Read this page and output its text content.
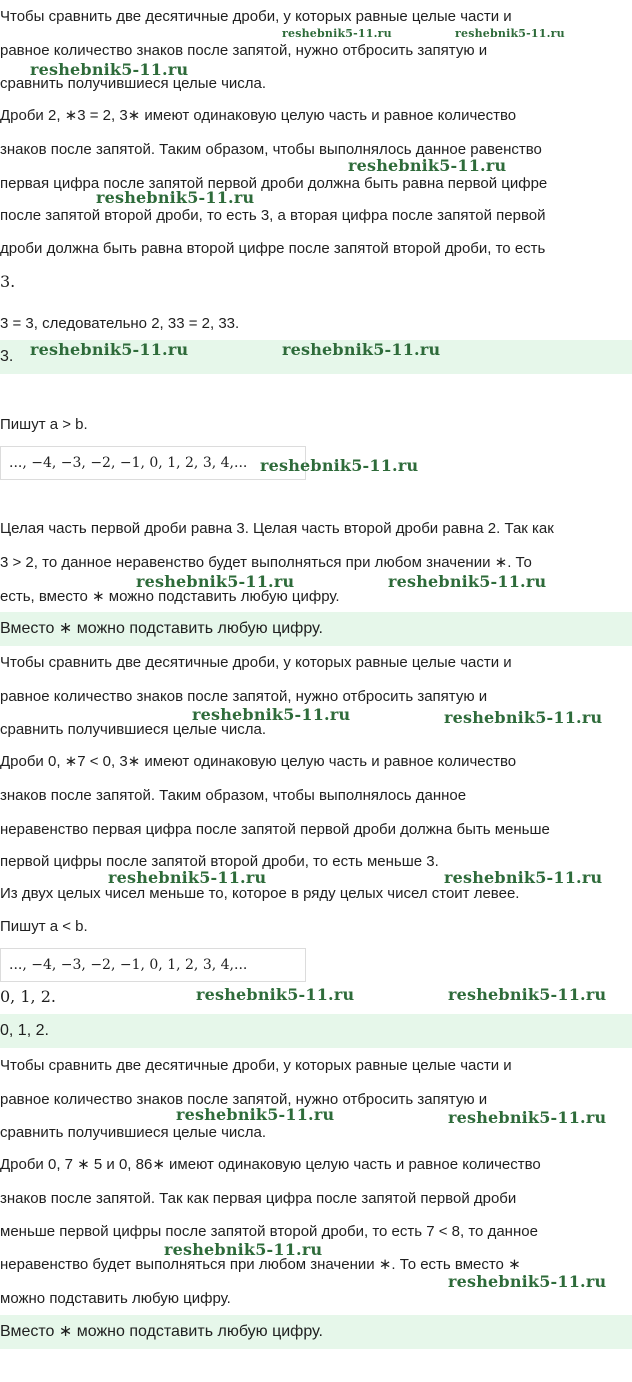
Чтобы сравнить две десятичные дроби, у которых равные целые части и
равное количество знаков после запятой, нужно отбросить запятую и
сравнить получившиеся целые числа.
Дроби 2, ∗3 = 2, 3∗ имеют одинаковую целую часть и равное количество
знаков после запятой. Таким образом, чтобы выполнялось данное равенство
первая цифра после запятой первой дроби должна быть равна первой цифре
после запятой второй дроби, то есть 3, а вторая цифра после запятой первой
дроби должна быть равна второй цифре после запятой второй дроби, то есть
3.
3 = 3, следовательно 2, 33 = 2, 33.
3.
Пишут a > b.
..., −4, −3, −2, −1, 0, 1, 2, 3, 4,...
Целая часть первой дроби равна 3. Целая часть второй дроби равна 2. Так как
3 > 2, то данное неравенство будет выполняться при любом значении ∗. То
есть, вместо ∗ можно подставить любую цифру.
Вместо ∗ можно подставить любую цифру.
Чтобы сравнить две десятичные дроби, у которых равные целые части и
равное количество знаков после запятой, нужно отбросить запятую и
сравнить получившиеся целые числа.
Дроби 0, ∗7 < 0, 3∗ имеют одинаковую целую часть и равное количество
знаков после запятой. Таким образом, чтобы выполнялось данное
неравенство первая цифра после запятой первой дроби должна быть меньше
первой цифры после запятой второй дроби, то есть меньше 3.
Из двух целых чисел меньше то, которое в ряду целых чисел стоит левее.
Пишут a < b.
..., −4, −3, −2, −1, 0, 1, 2, 3, 4,...
0, 1, 2.
0, 1, 2.
Чтобы сравнить две десятичные дроби, у которых равные целые части и
равное количество знаков после запятой, нужно отбросить запятую и
сравнить получившиеся целые числа.
Дроби 0, 7 ∗ 5 и 0, 86∗ имеют одинаковую целую часть и равное количество
знаков после запятой. Так как первая цифра после запятой первой дроби
меньше первой цифры после запятой второй дроби, то есть 7 < 8, то данное
неравенство будет выполняться при любом значении ∗. То есть вместо ∗
можно подставить любую цифру.
Вместо ∗ можно подставить любую цифру.
reshebnik5-11.ru	reshebnik5-11.ru
reshebnik5-11.ru
reshebnik5-11.ru
reshebnik5-11.ru
reshebnik5-11.ru	reshebnik5-11.ru
reshebnik5-11.ru
reshebnik5-11.ru	reshebnik5-11.ru
reshebnik5-11.ru	reshebnik5-11.ru
reshebnik5-11.ru	reshebnik5-11.ru
reshebnik5-11.ru	reshebnik5-11.ru
reshebnik5-11.ru	reshebnik5-11.ru
reshebnik5-11.ru
reshebnik5-11.ru
